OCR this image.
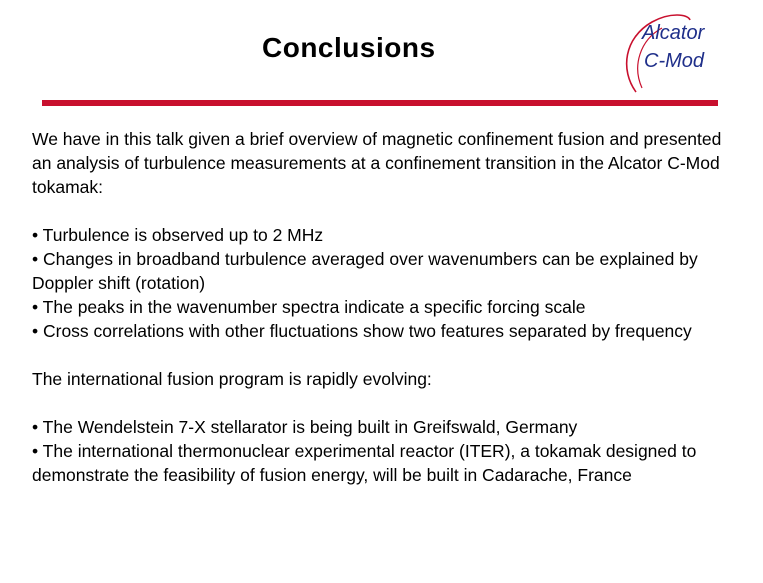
Conclusions	Alcator
C-Mod

We have in this talk given a brief overview of magnetic confinement fusion and presented an analysis of turbulence measurements at a confinement transition in the Alcator C-Mod tokamak:

• Turbulence is observed up to 2 MHz

• Changes in broadband turbulence averaged over wavenumbers can be explained by Doppler shift (rotation)

• The peaks in the wavenumber spectra indicate a specific forcing scale

• Cross correlations with other fluctuations show two features separated by frequency

The international fusion program is rapidly evolving:

• The Wendelstein 7-X stellarator is being built in Greifswald, Germany

• The international thermonuclear experimental reactor (ITER), a tokamak designed to demonstrate the feasibility of fusion energy, will be built in Cadarache, France
